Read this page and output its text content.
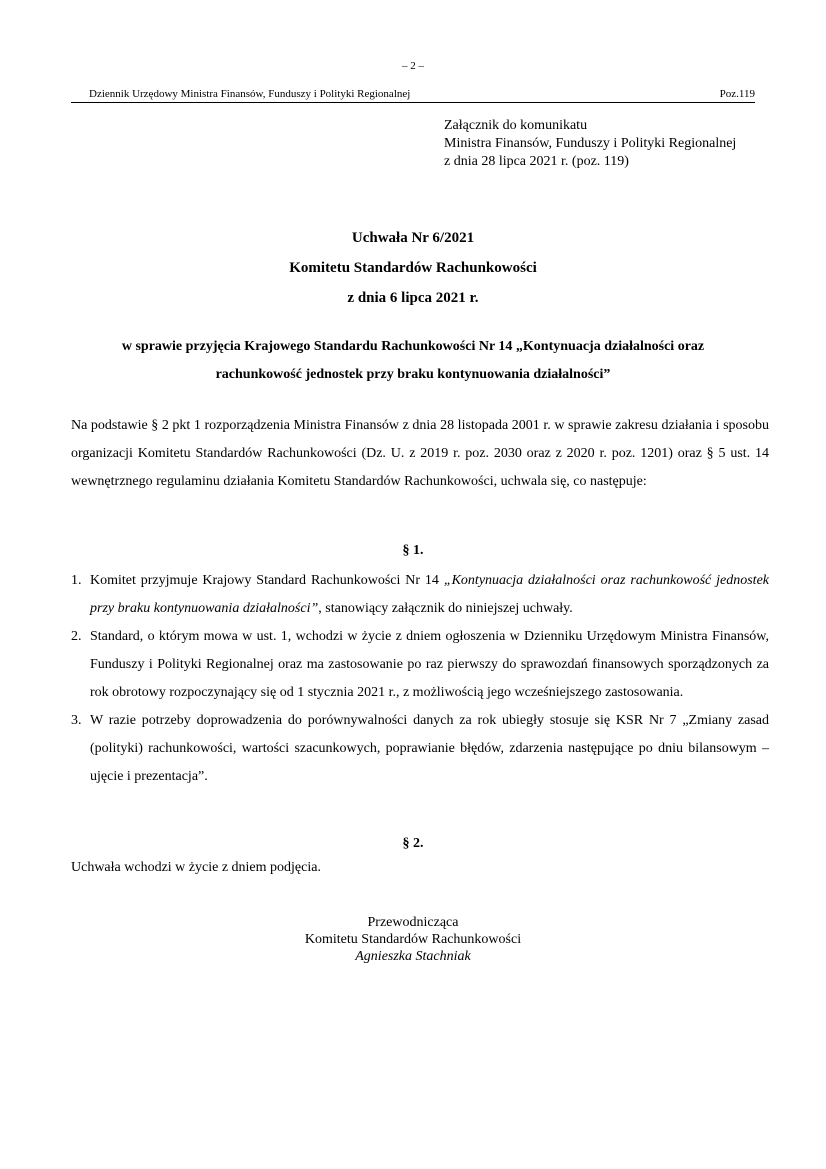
– 2 –
Dziennik Urzędowy Ministra Finansów, Funduszy i Polityki Regionalnej	Poz.119
Załącznik do komunikatu
Ministra Finansów, Funduszy i Polityki Regionalnej
z dnia 28 lipca 2021 r. (poz. 119)
Uchwała Nr 6/2021
Komitetu Standardów Rachunkowości
z dnia 6 lipca 2021 r.
w sprawie przyjęcia Krajowego Standardu Rachunkowości Nr 14 „Kontynuacja działalności oraz
rachunkowość jednostek przy braku kontynuowania działalności”
Na podstawie § 2 pkt 1 rozporządzenia Ministra Finansów z dnia 28 listopada 2001 r. w sprawie zakresu działania i sposobu organizacji Komitetu Standardów Rachunkowości (Dz. U. z 2019 r. poz. 2030 oraz z 2020 r. poz. 1201) oraz § 5 ust. 14 wewnętrznego regulaminu działania Komitetu Standardów Rachunkowości, uchwala się, co następuje:
§ 1.
1. Komitet przyjmuje Krajowy Standard Rachunkowości Nr 14 „Kontynuacja działalności oraz rachunkowość jednostek przy braku kontynuowania działalności”, stanowiący załącznik do niniejszej uchwały.
2. Standard, o którym mowa w ust. 1, wchodzi w życie z dniem ogłoszenia w Dzienniku Urzędowym Ministra Finansów, Funduszy i Polityki Regionalnej oraz ma zastosowanie po raz pierwszy do sprawozdań finansowych sporządzonych za rok obrotowy rozpoczynający się od 1 stycznia 2021 r., z możliwością jego wcześniejszego zastosowania.
3. W razie potrzeby doprowadzenia do porównywalności danych za rok ubiegły stosuje się KSR Nr 7 „Zmiany zasad (polityki) rachunkowości, wartości szacunkowych, poprawianie błędów, zdarzenia następujące po dniu bilansowym – ujęcie i prezentacja”.
§ 2.
Uchwała wchodzi w życie z dniem podjęcia.
Przewodnicząca
Komitetu Standardów Rachunkowości
Agnieszka Stachniak
